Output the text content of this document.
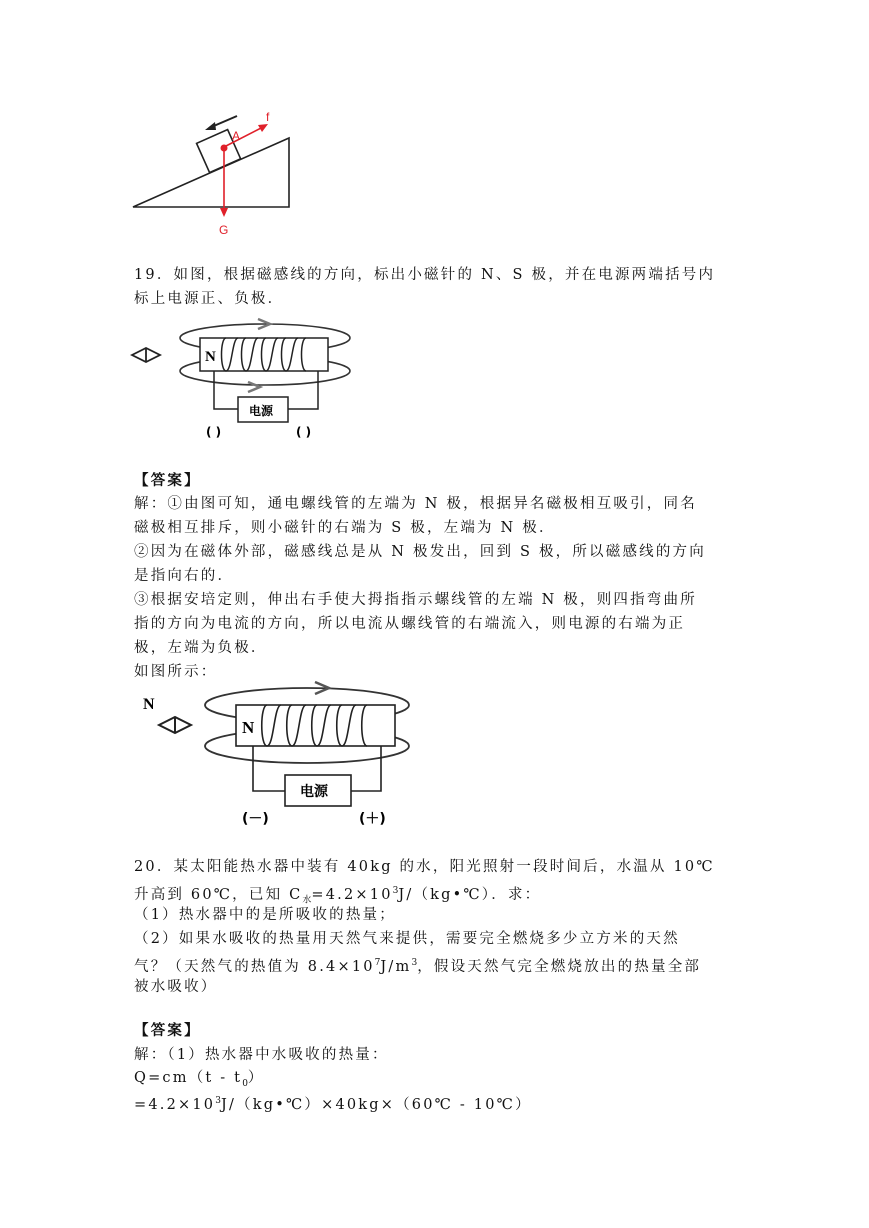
A
f
G
19．如图，根据磁感线的方向，标出小磁针的 N、S 极，并在电源两端括号内
标上电源正、负极．
N
电源
( )	( )
【答案】
解：①由图可知，通电螺线管的左端为 N 极，根据异名磁极相互吸引，同名
磁极相互排斥，则小磁针的右端为 S 极，左端为 N 极．
②因为在磁体外部，磁感线总是从 N 极发出，回到 S 极，所以磁感线的方向
是指向右的．
③根据安培定则，伸出右手使大拇指指示螺线管的左端 N 极，则四指弯曲所
指的方向为电流的方向，所以电流从螺线管的右端流入，则电源的右端为正
极，左端为负极．
如图所示：
N
N
电源
(－)	(＋)
20．某太阳能热水器中装有 40kg 的水，阳光照射一段时间后，水温从 10℃
升高到 60℃，已知 $C_水=4.2\times 10^3J/(kg•℃)$．求：
（1）热水器中的是所吸收的热量；
（2）如果水吸收的热量用天然气来提供，需要完全燃烧多少立方米的天然
气？（天然气的热值为 $8.4\times 10^7J/m^3$，假设天然气完全燃烧放出的热量全部
被水吸收）
【答案】
解：（1）热水器中水吸收的热量：
$Q=cm(t - t_0)$
$=4.2\times 10^3J/(kg•℃)\times 40kg\times(60℃$ - 10℃）
